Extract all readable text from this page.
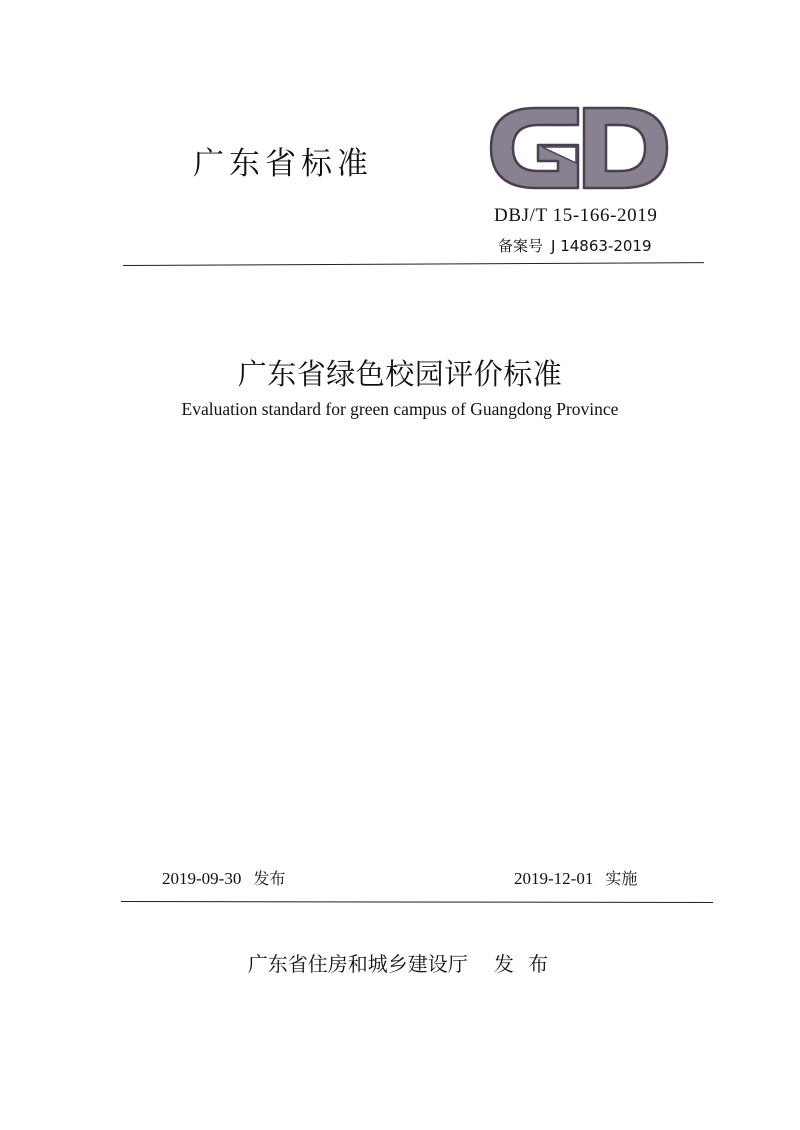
广东省标准
DBJ/T 15-166-2019
备案号 J 14863-2019
广东省绿色校园评价标准
Evaluation standard for green campus of Guangdong Province
2019-09-30 发布	2019-12-01 实施
广东省住房和城乡建设厅 发 布
